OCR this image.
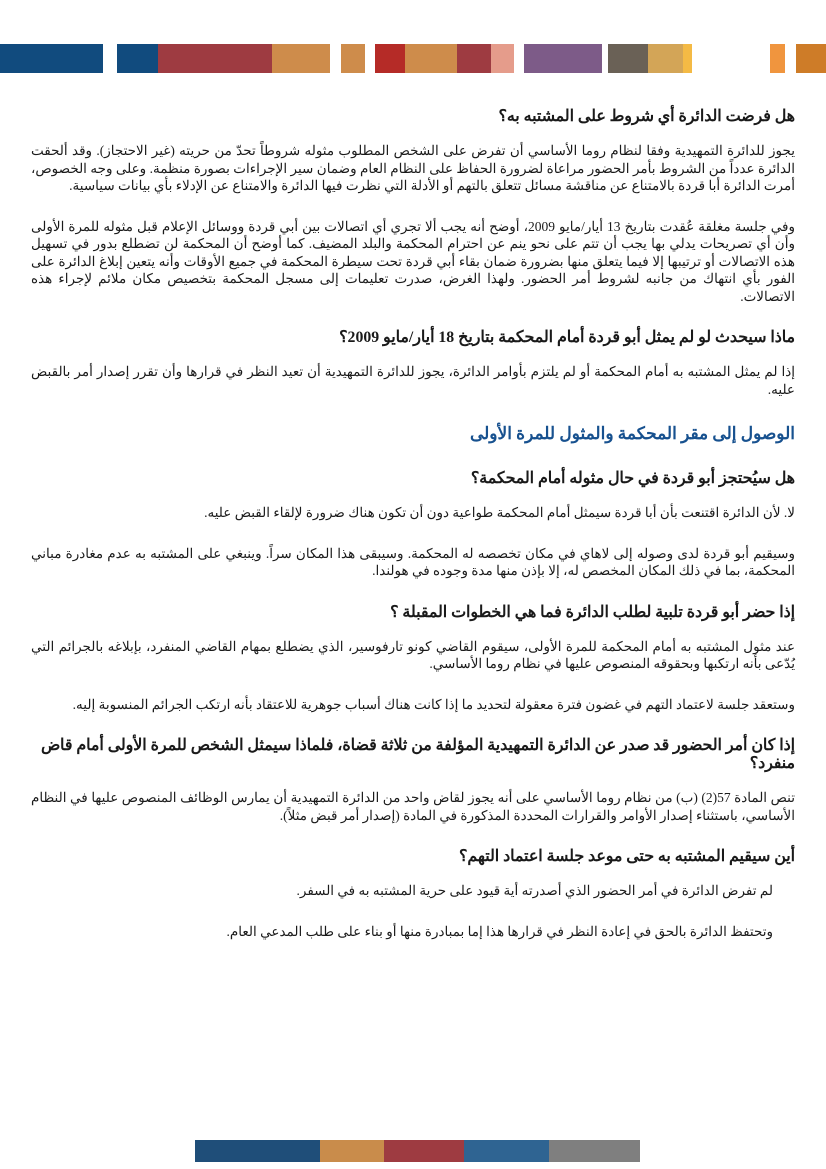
هل فرضت الدائرة أي شروط على المشتبه به؟

يجوز للدائرة التمهيدية وفقا لنظام روما الأساسي أن تفرض على الشخص المطلوب مثوله شروطاً تحدّ من حريته (غير الاحتجاز). وقد ألحقت الدائرة عدداً من الشروط بأمر الحضور مراعاة لضرورة الحفاظ على النظام العام وضمان سير الإجراءات بصورة منظمة. وعلى وجه الخصوص، أمرت الدائرة أبا قردة بالامتناع عن مناقشة مسائل تتعلق بالتهم أو الأدلة التي نظرت فيها الدائرة والامتناع عن الإدلاء بأي بيانات سياسية.

وفي جلسة مغلقة عُقدت بتاريخ 13 أيار/مايو 2009، أوضح أنه يجب ألا تجري أي اتصالات بين أبي قردة ووسائل الإعلام قبل مثوله للمرة الأولى وأن أي تصريحات يدلي بها يجب أن تتم على نحو ينم عن احترام المحكمة والبلد المضيف. كما أوضح أن المحكمة لن تضطلع بدور في تسهيل هذه الاتصالات أو ترتيبها إلا فيما يتعلق منها بضرورة ضمان بقاء أبي قردة تحت سيطرة المحكمة في جميع الأوقات وأنه يتعين إبلاغ الدائرة على الفور بأي انتهاك من جانبه لشروط أمر الحضور. ولهذا الغرض، صدرت تعليمات إلى مسجل المحكمة بتخصيص مكان ملائم لإجراء هذه الاتصالات.

ماذا سيحدث لو لم يمثل أبو قردة أمام المحكمة بتاريخ 18 أيار/مايو 2009؟

إذا لم يمثل المشتبه به أمام المحكمة أو لم يلتزم بأوامر الدائرة، يجوز للدائرة التمهيدية أن تعيد النظر في قرارها وأن تقرر إصدار أمر بالقبض عليه.

الوصول إلى مقر المحكمة والمثول للمرة الأولى
هل سيُحتجز أبو قردة في حال مثوله أمام المحكمة؟

لا. لأن الدائرة اقتنعت بأن أبا قردة سيمثل أمام المحكمة طواعية دون أن تكون هناك ضرورة لإلقاء القبض عليه.

وسيقيم أبو قردة لدى وصوله إلى لاهاي في مكان تخصصه له المحكمة. وسيبقى هذا المكان سراً. وينبغي على المشتبه به عدم مغادرة مباني المحكمة، بما في ذلك المكان المخصص له، إلا بإذن منها مدة وجوده في هولندا.

إذا حضر أبو قردة تلبية لطلب الدائرة فما هي الخطوات المقبلة ؟

عند مثول المشتبه به أمام المحكمة للمرة الأولى، سيقوم القاضي كونو تارفوسير، الذي يضطلع بمهام القاضي المنفرد، بإبلاغه بالجرائم التي يُدّعى بأنه ارتكبها وبحقوقه المنصوص عليها في نظام روما الأساسي.

وستعقد جلسة لاعتماد التهم في غضون فترة معقولة لتحديد ما إذا كانت هناك أسباب جوهرية للاعتقاد بأنه ارتكب الجرائم المنسوبة إليه.

إذا كان أمر الحضور قد صدر عن الدائرة التمهيدية المؤلفة من ثلاثة قضاة، فلماذا سيمثل الشخص للمرة الأولى أمام قاض منفرد؟

تنص المادة 57(2) (ب) من نظام روما الأساسي على أنه يجوز لقاض واحد من الدائرة التمهيدية أن يمارس الوظائف المنصوص عليها في النظام الأساسي، باستثناء إصدار الأوامر والقرارات المحددة المذكورة في المادة (إصدار أمر قبض مثلاً).

أين سيقيم المشتبه به حتى موعد جلسة اعتماد التهم؟

لم تفرض الدائرة في أمر الحضور الذي أصدرته أية قيود على حرية المشتبه به في السفر.

وتحتفظ الدائرة بالحق في إعادة النظر في قرارها هذا إما بمبادرة منها أو بناء على طلب المدعي العام.
